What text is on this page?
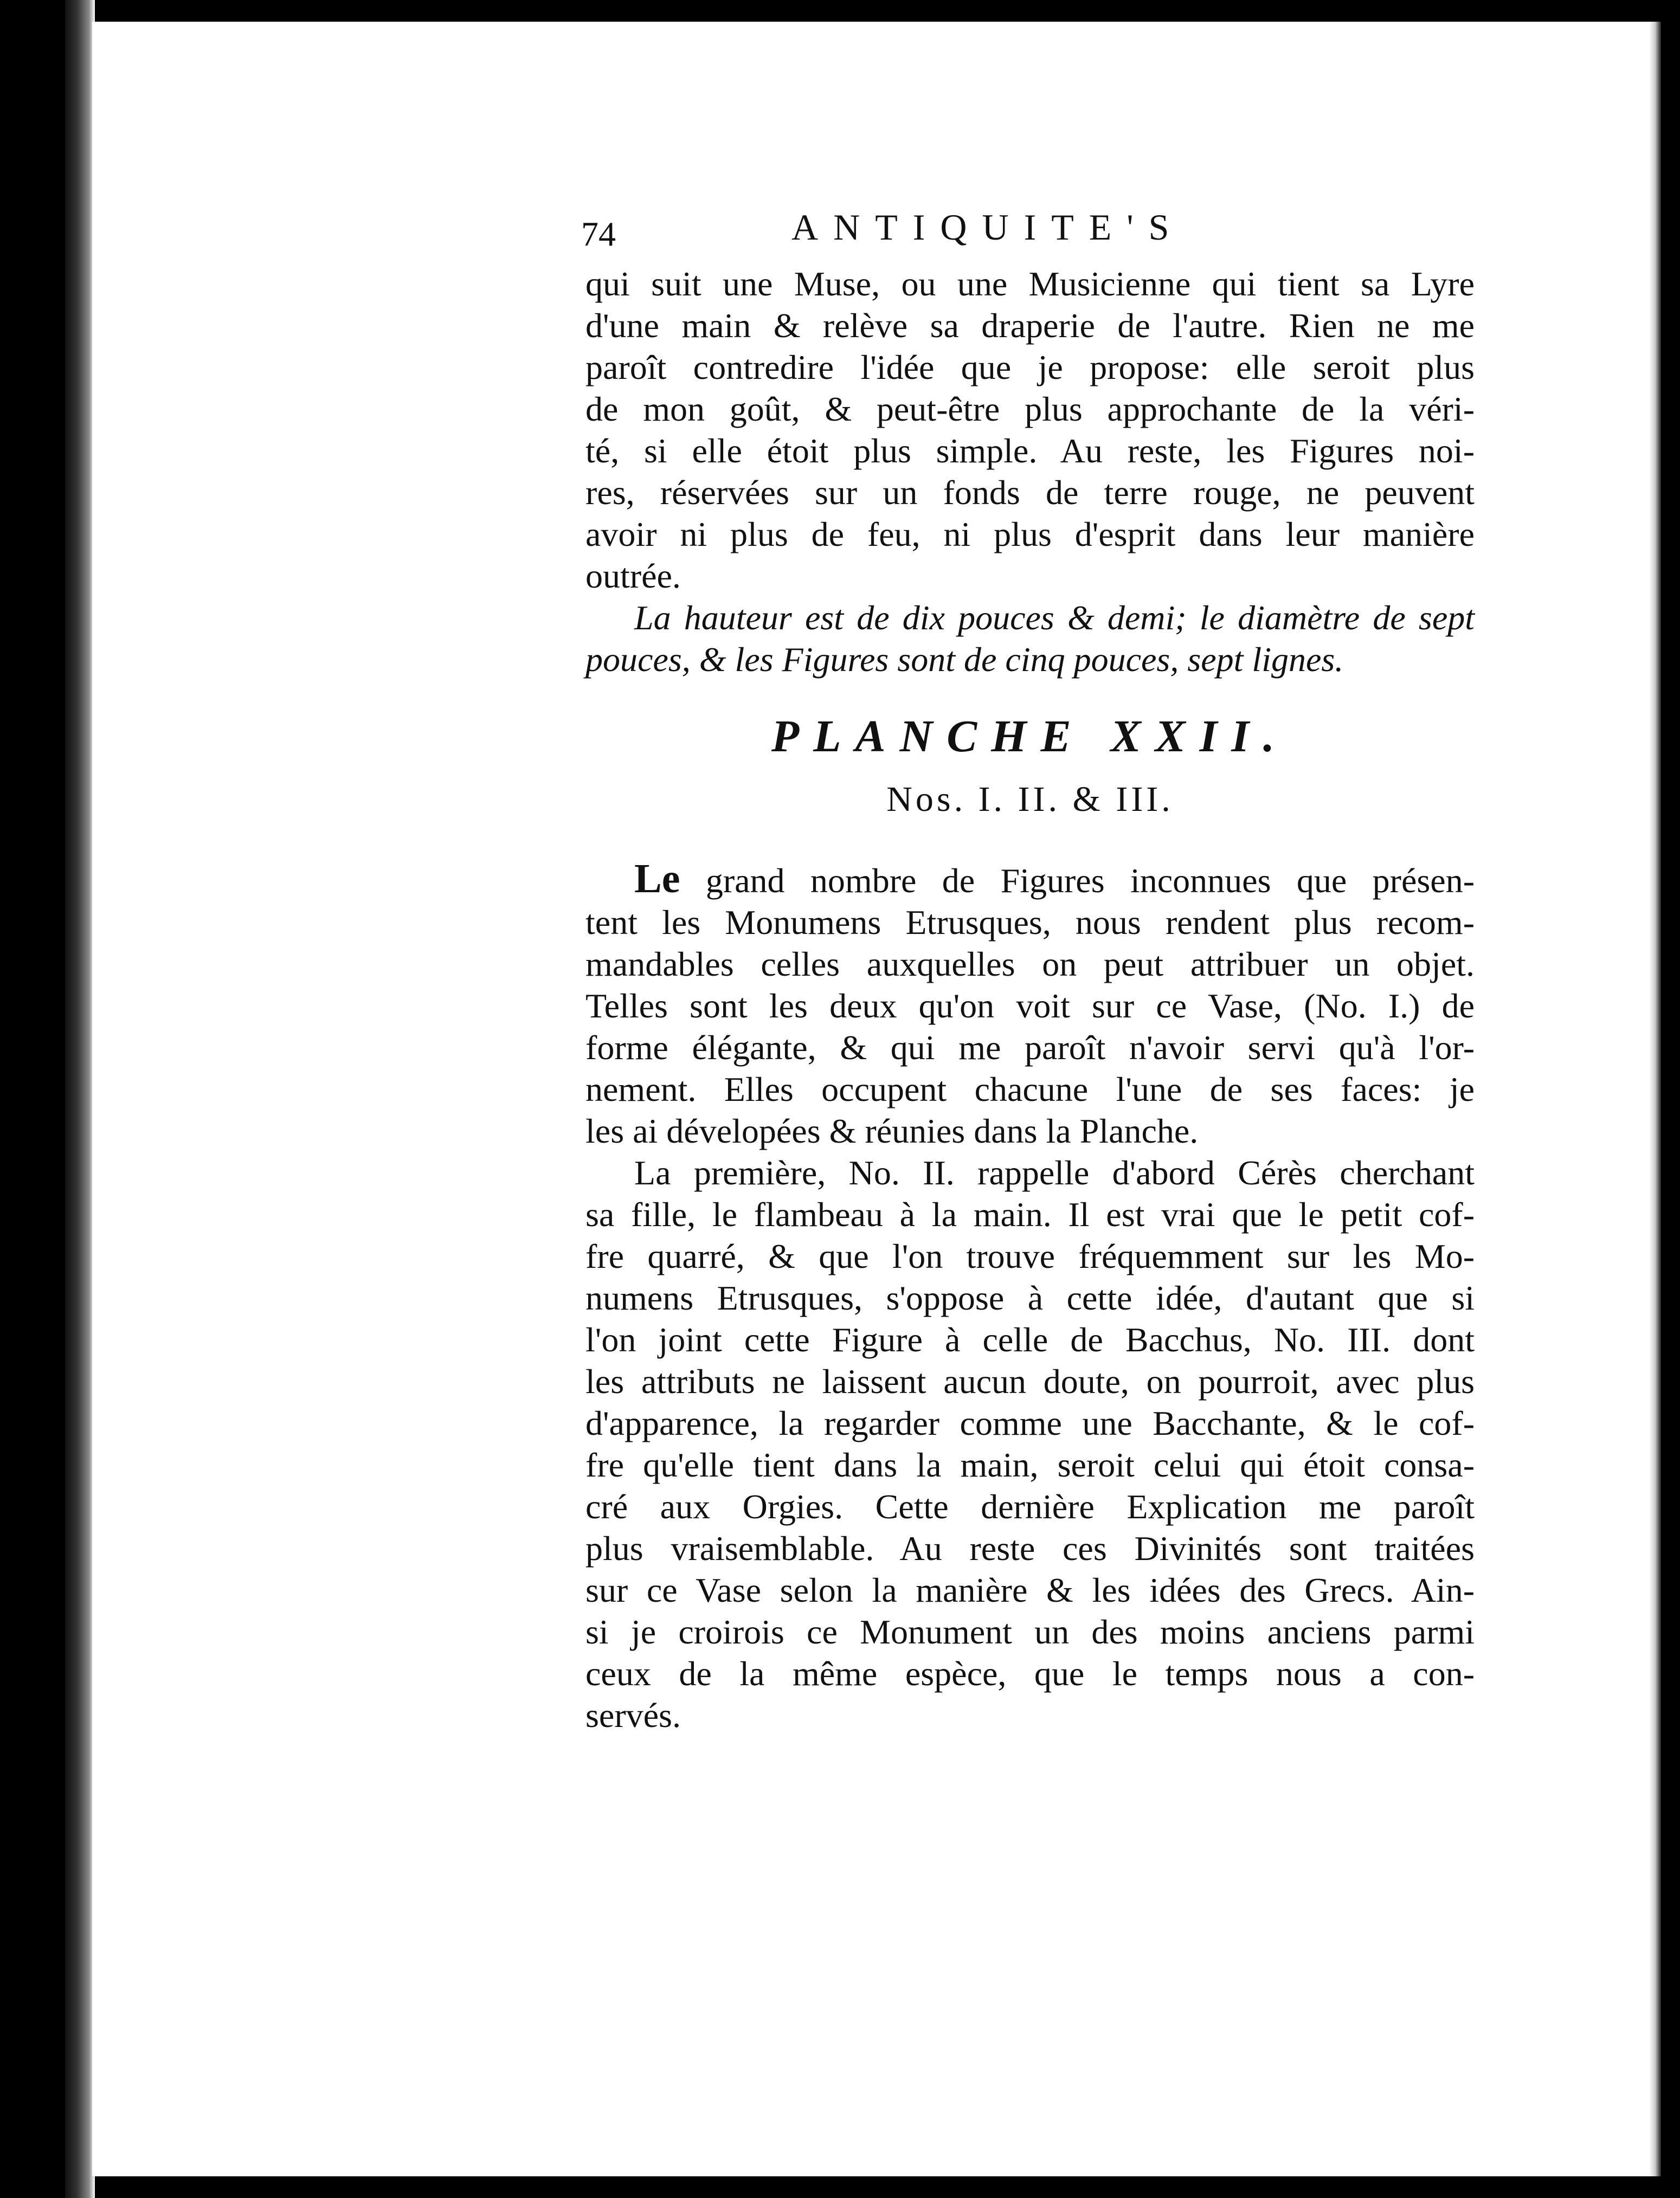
74	ANTIQUITE'S

qui suit une Muse, ou une Musicienne qui tient sa Lyre

d'une main & relève sa draperie de l'autre. Rien ne me

paroît contredire l'idée que je propose: elle seroit plus

de mon goût, & peut-être plus approchante de la véri-

té, si elle étoit plus simple. Au reste, les Figures noi-

res, réservées sur un fonds de terre rouge, ne peuvent

avoir ni plus de feu, ni plus d'esprit dans leur manière

outrée.

La hauteur est de dix pouces & demi; le diamètre de sept

pouces, & les Figures sont de cinq pouces, sept lignes.

PLANCHE XXII.
Nos. I. II. & III.

Le grand nombre de Figures inconnues que présen-

tent les Monumens Etrusques, nous rendent plus recom-

mandables celles auxquelles on peut attribuer un objet.

Telles sont les deux qu'on voit sur ce Vase, (No. I.) de

forme élégante, & qui me paroît n'avoir servi qu'à l'or-

nement. Elles occupent chacune l'une de ses faces: je

les ai dévelopées & réunies dans la Planche.

La première, No. II. rappelle d'abord Cérès cherchant

sa fille, le flambeau à la main. Il est vrai que le petit cof-

fre quarré, & que l'on trouve fréquemment sur les Mo-

numens Etrusques, s'oppose à cette idée, d'autant que si

l'on joint cette Figure à celle de Bacchus, No. III. dont

les attributs ne laissent aucun doute, on pourroit, avec plus

d'apparence, la regarder comme une Bacchante, & le cof-

fre qu'elle tient dans la main, seroit celui qui étoit consa-

cré aux Orgies. Cette dernière Explication me paroît

plus vraisemblable. Au reste ces Divinités sont traitées

sur ce Vase selon la manière & les idées des Grecs. Ain-

si je croirois ce Monument un des moins anciens parmi

ceux de la même espèce, que le temps nous a con-

servés.
